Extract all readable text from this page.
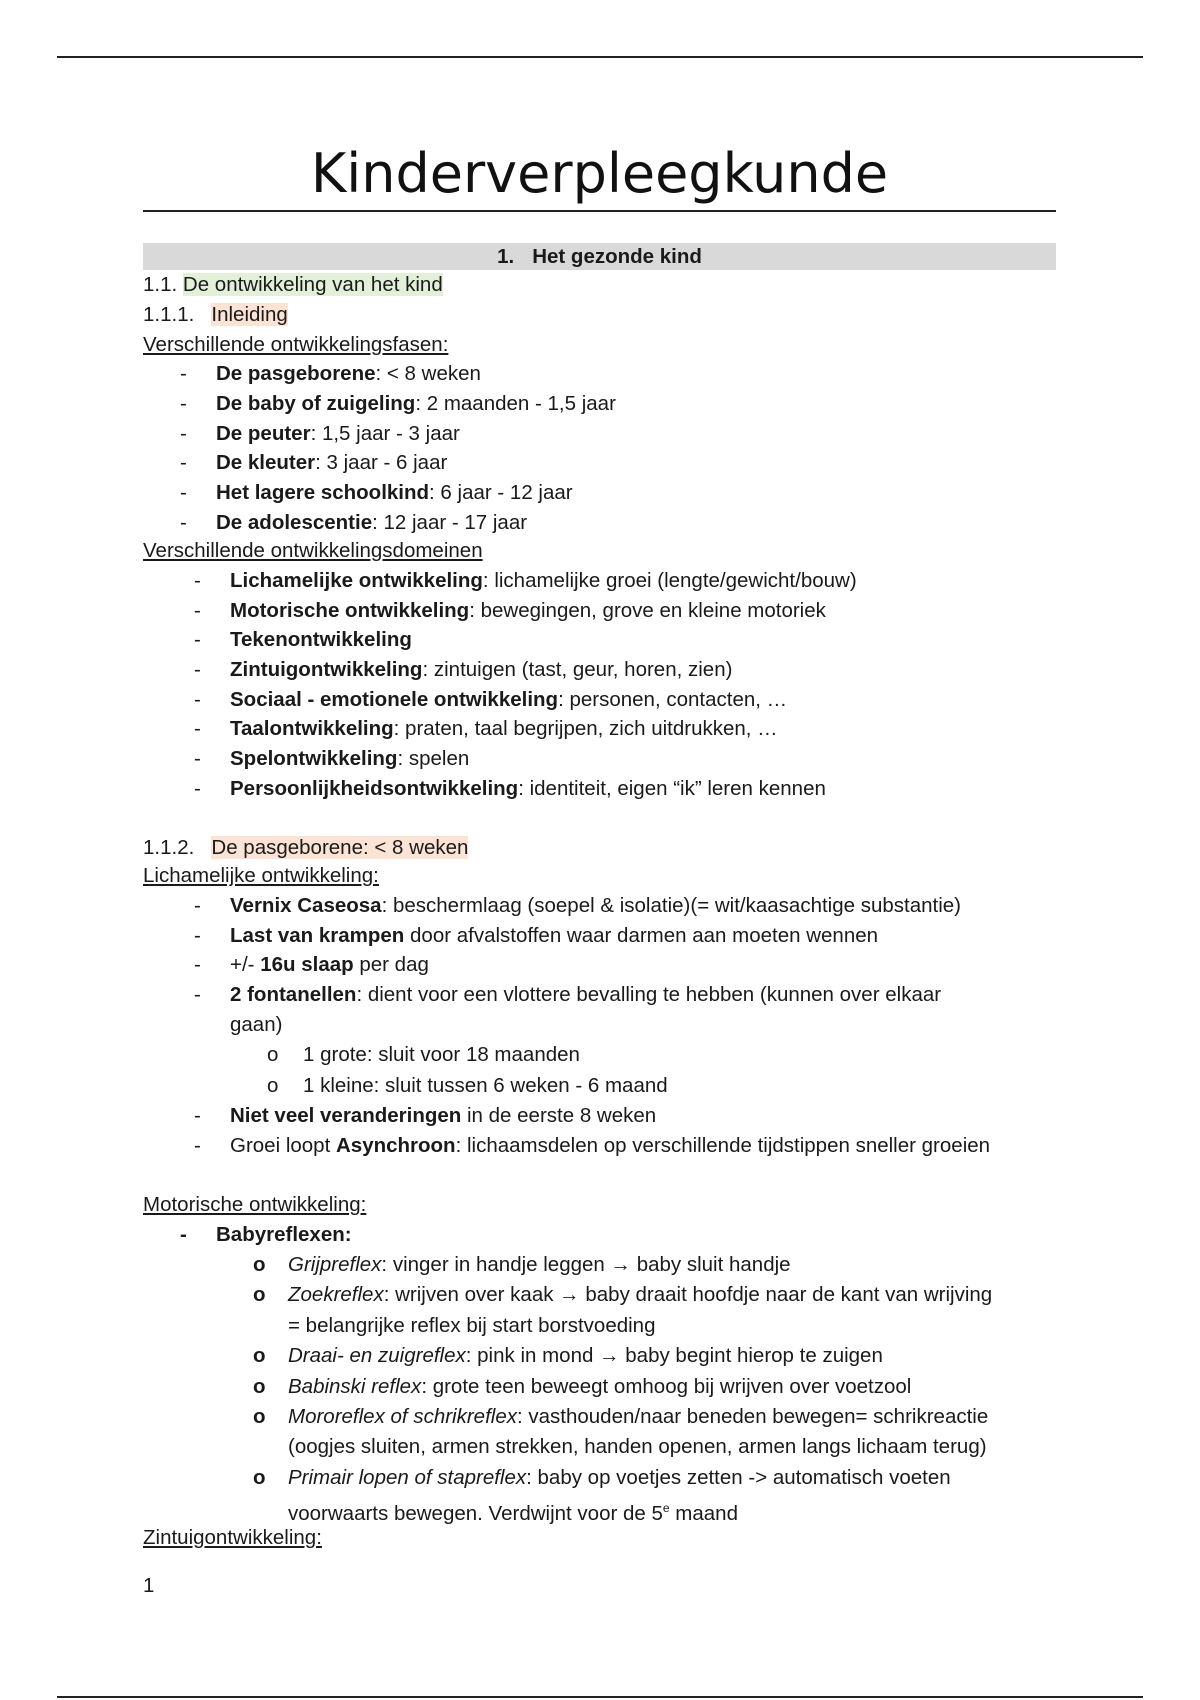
Kinderverpleegkunde
1. Het gezonde kind
1.1. De ontwikkeling van het kind
1.1.1. Inleiding
Verschillende ontwikkelingsfasen:
- De pasgeborene: < 8 weken
- De baby of zuigeling: 2 maanden - 1,5 jaar
- De peuter: 1,5 jaar - 3 jaar
- De kleuter: 3 jaar - 6 jaar
- Het lagere schoolkind: 6 jaar - 12 jaar
- De adolescentie: 12 jaar - 17 jaar
Verschillende ontwikkelingsdomeinen
- Lichamelijke ontwikkeling: lichamelijke groei (lengte/gewicht/bouw)
- Motorische ontwikkeling: bewegingen, grove en kleine motoriek
- Tekenontwikkeling
- Zintuigontwikkeling: zintuigen (tast, geur, horen, zien)
- Sociaal - emotionele ontwikkeling: personen, contacten, …
- Taalontwikkeling: praten, taal begrijpen, zich uitdrukken, …
- Spelontwikkeling: spelen
- Persoonlijkheidsontwikkeling: identiteit, eigen “ik” leren kennen
1.1.2. De pasgeborene: < 8 weken
Lichamelijke ontwikkeling:
- Vernix Caseosa: beschermlaag (soepel & isolatie)(= wit/kaasachtige substantie)
- Last van krampen door afvalstoffen waar darmen aan moeten wennen
- +/- 16u slaap per dag
- 2 fontanellen: dient voor een vlottere bevalling te hebben (kunnen over elkaar
gaan)
o 1 grote: sluit voor 18 maanden
o 1 kleine: sluit tussen 6 weken - 6 maand
- Niet veel veranderingen in de eerste 8 weken
- Groei loopt Asynchroon: lichaamsdelen op verschillende tijdstippen sneller groeien
Motorische ontwikkeling:
- Babyreflexen:
o Grijpreflex: vinger in handje leggen → baby sluit handje
o Zoekreflex: wrijven over kaak → baby draait hoofdje naar de kant van wrijving
= belangrijke reflex bij start borstvoeding
o Draai- en zuigreflex: pink in mond → baby begint hierop te zuigen
o Babinski reflex: grote teen beweegt omhoog bij wrijven over voetzool
o Mororeflex of schrikreflex: vasthouden/naar beneden bewegen= schrikreactie
(oogjes sluiten, armen strekken, handen openen, armen langs lichaam terug)
o Primair lopen of stapreflex: baby op voetjes zetten -> automatisch voeten
voorwaarts bewegen. Verdwijnt voor de 5e maand
Zintuigontwikkeling:
1
